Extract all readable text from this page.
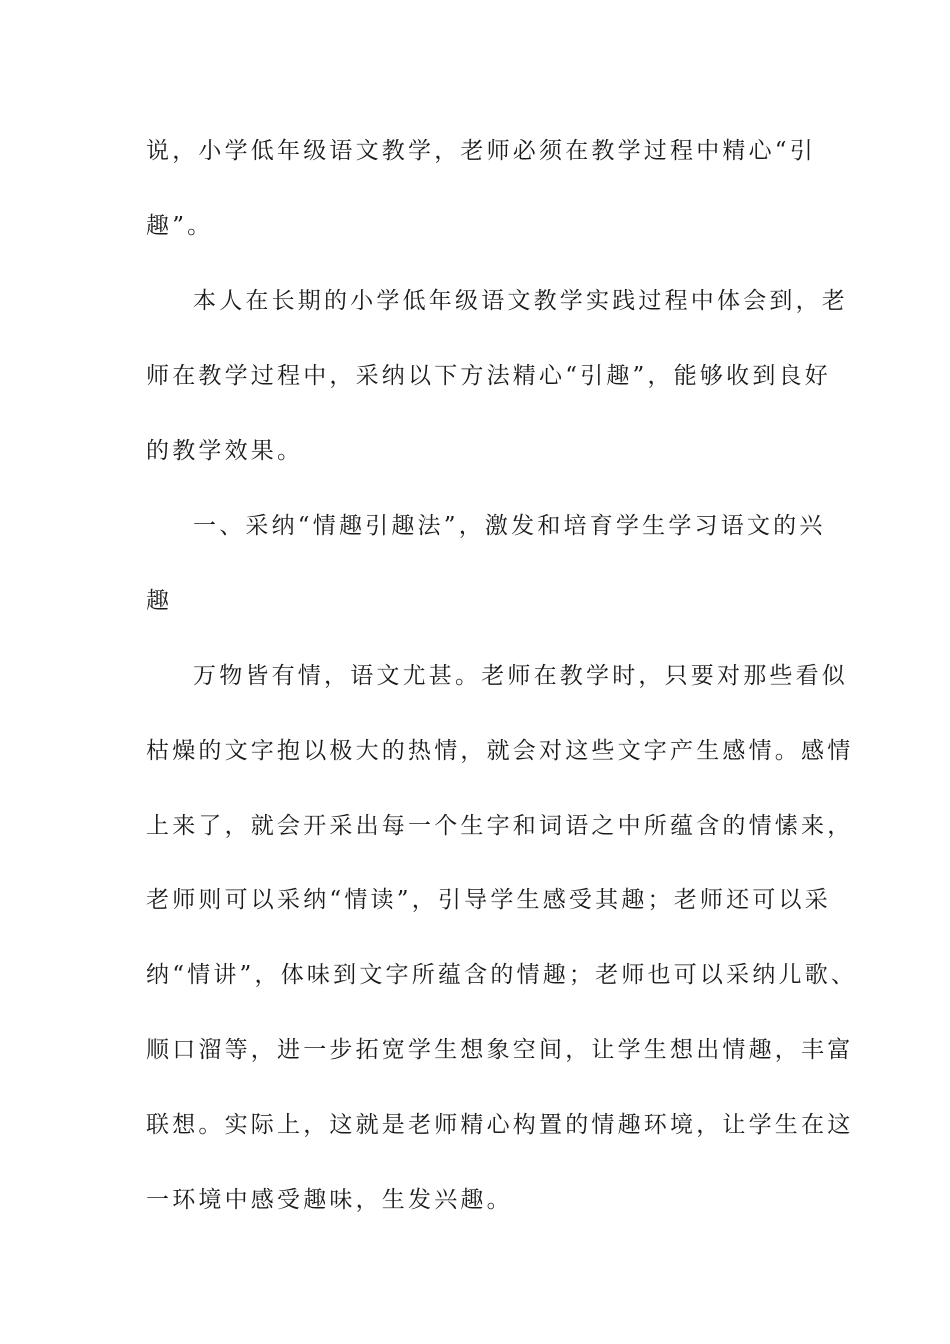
说，小学低年级语文教学，老师必须在教学过程中精心“引
趣”。
本人在长期的小学低年级语文教学实践过程中体会到，老
师在教学过程中，采纳以下方法精心“引趣”，能够收到良好
的教学效果。
一、采纳“情趣引趣法”，激发和培育学生学习语文的兴
趣
万物皆有情，语文尤甚。老师在教学时，只要对那些看似
枯燥的文字抱以极大的热情，就会对这些文字产生感情。感情
上来了，就会开采出每一个生字和词语之中所蕴含的情愫来，
老师则可以采纳“情读”，引导学生感受其趣；老师还可以采
纳“情讲”，体味到文字所蕴含的情趣；老师也可以采纳儿歌、
顺口溜等，进一步拓宽学生想象空间，让学生想出情趣，丰富
联想。实际上，这就是老师精心构置的情趣环境，让学生在这
一环境中感受趣味，生发兴趣。
